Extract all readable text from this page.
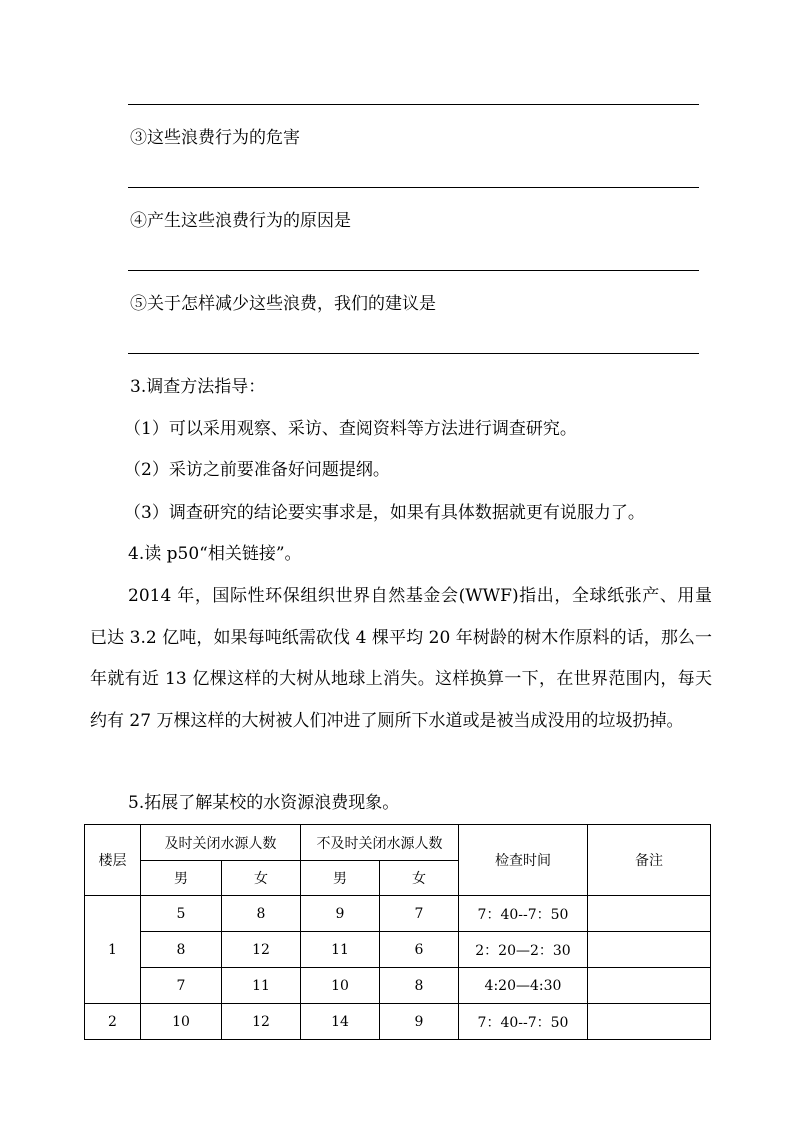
③这些浪费行为的危害
④产生这些浪费行为的原因是
⑤关于怎样减少这些浪费，我们的建议是
3.调查方法指导：
（1）可以采用观察、采访、查阅资料等方法进行调查研究。
（2）采访之前要准备好问题提纲。
（3）调查研究的结论要实事求是，如果有具体数据就更有说服力了。
4.读 p50“相关链接”。
2014 年，国际性环保组织世界自然基金会(WWF)指出，全球纸张产、用量已达 3.2 亿吨，如果每吨纸需砍伐 4 棵平均 20 年树龄的树木作原料的话，那么一年就有近 13 亿棵这样的大树从地球上消失。这样换算一下，在世界范围内，每天约有 27 万棵这样的大树被人们冲进了厕所下水道或是被当成没用的垃圾扔掉。
5.拓展了解某校的水资源浪费现象。
楼层	及时关闭水源人数		不及时关闭水源人数		检查时间	备注
	男	女	男	女		
1	5	8	9	7	7：40--7：50	
	8	12	11	6	2：20—2：30	
	7	11	10	8	4:20—4:30	
2	10	12	14	9	7：40--7：50	
